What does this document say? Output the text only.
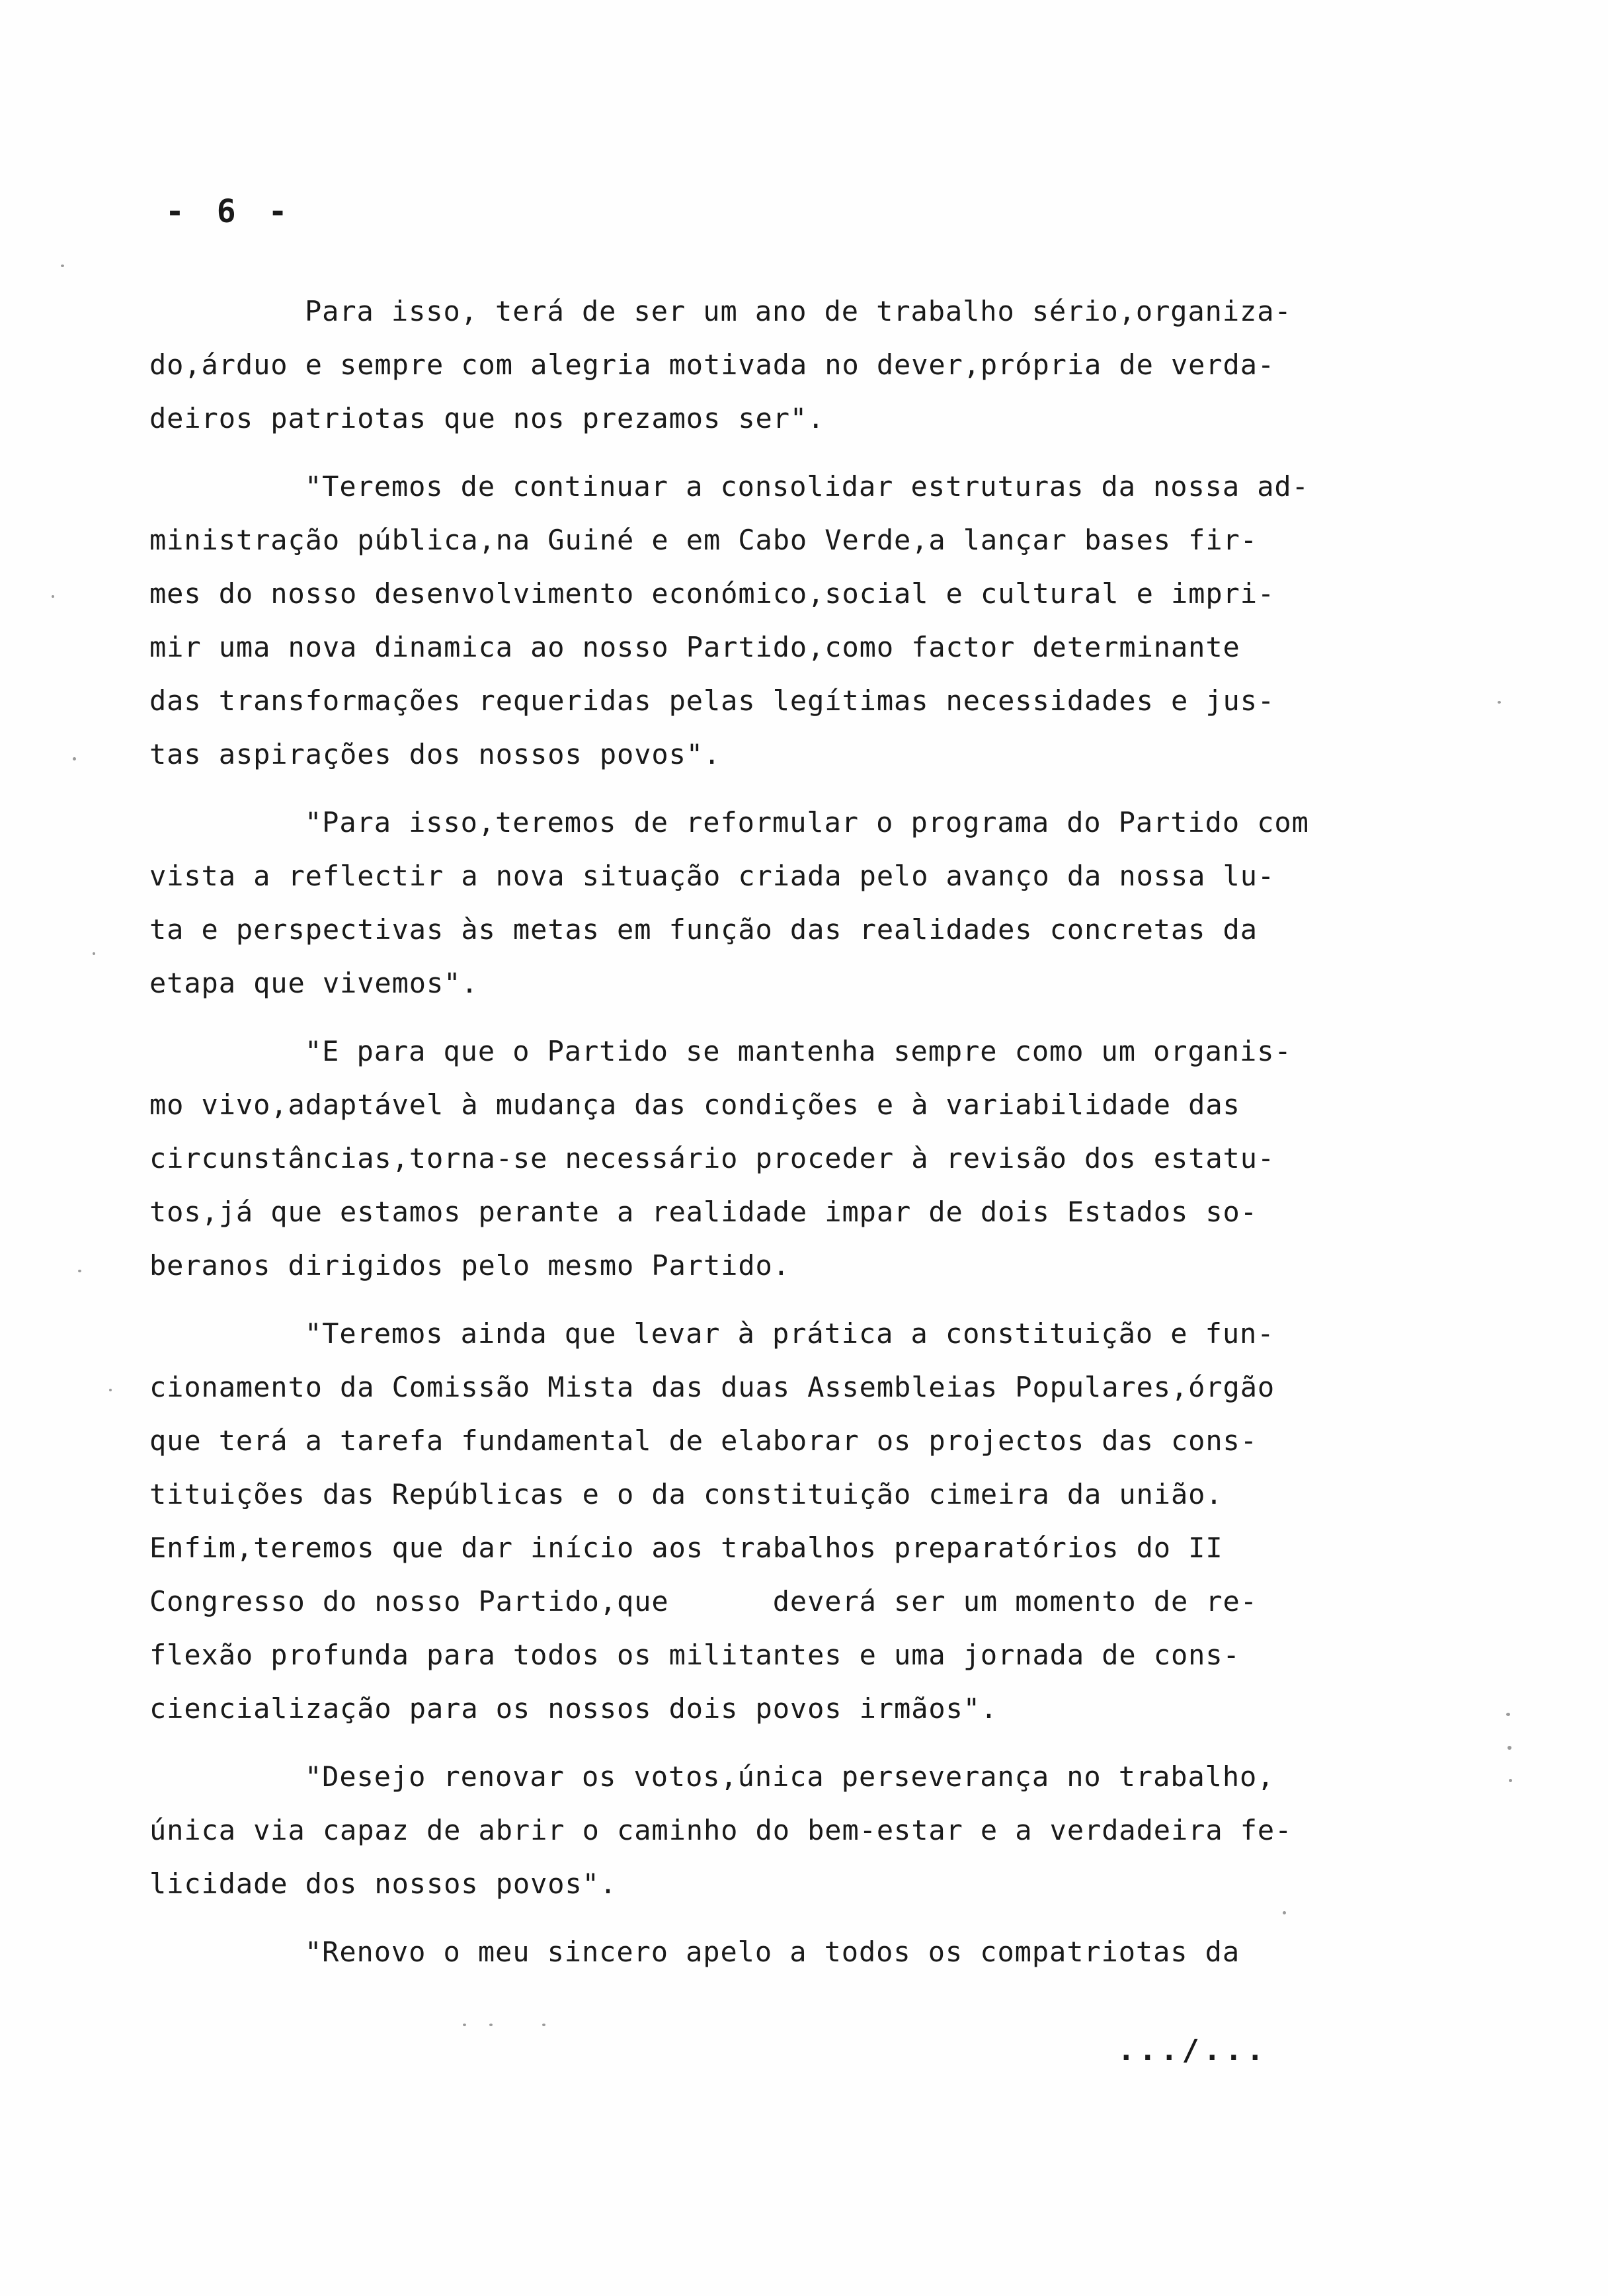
- 6 -
Para isso, terá de ser um ano de trabalho sério,organiza-
do,árduo e sempre com alegria motivada no dever,própria de verda-
deiros patriotas que nos prezamos ser".
"Teremos de continuar a consolidar estruturas da nossa ad-
ministração pública,na Guiné e em Cabo Verde,a lançar bases fir-
mes do nosso desenvolvimento económico,social e cultural e impri-
mir uma nova dinamica ao nosso Partido,como factor determinante
das transformações requeridas pelas legítimas necessidades e jus-
tas aspirações dos nossos povos".
"Para isso,teremos de reformular o programa do Partido com
vista a reflectir a nova situação criada pelo avanço da nossa lu-
ta e perspectivas às metas em função das realidades concretas da
etapa que vivemos".
"E para que o Partido se mantenha sempre como um organis-
mo vivo,adaptável à mudança das condições e à variabilidade das
circunstâncias,torna-se necessário proceder à revisão dos estatu-
tos,já que estamos perante a realidade impar de dois Estados so-
beranos dirigidos pelo mesmo Partido.
"Teremos ainda que levar à prática a constituição e fun-
cionamento da Comissão Mista das duas Assembleias Populares,órgão
que terá a tarefa fundamental de elaborar os projectos das cons-
tituições das Repúblicas e o da constituição cimeira da união.
Enfim,teremos que dar início aos trabalhos preparatórios do II
Congresso do nosso Partido,que      deverá ser um momento de re-
flexão profunda para todos os militantes e uma jornada de cons-
ciencialização para os nossos dois povos irmãos".
"Desejo renovar os votos,única perseverança no trabalho,
única via capaz de abrir o caminho do bem-estar e a verdadeira fe-
licidade dos nossos povos".
"Renovo o meu sincero apelo a todos os compatriotas da
.../...
